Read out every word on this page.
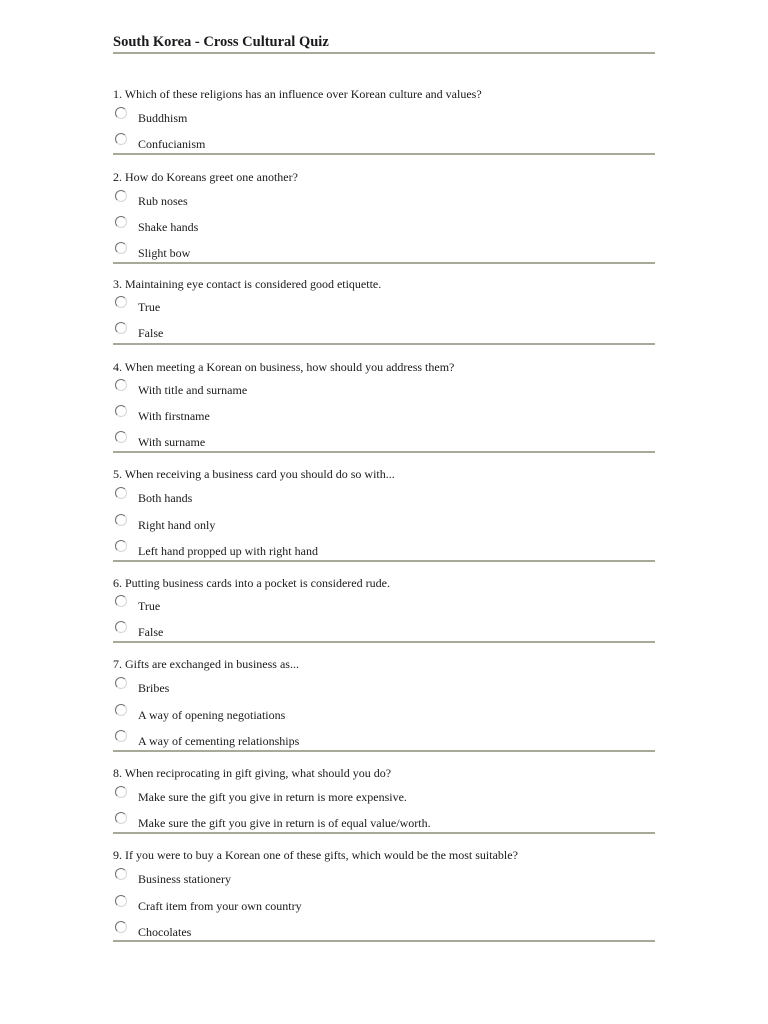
South Korea - Cross Cultural Quiz
1. Which of these religions has an influence over Korean culture and values?
Buddhism
Confucianism
2. How do Koreans greet one another?
Rub noses
Shake hands
Slight bow
3. Maintaining eye contact is considered good etiquette.
True
False
4. When meeting a Korean on business, how should you address them?
With title and surname
With firstname
With surname
5. When receiving a business card you should do so with...
Both hands
Right hand only
Left hand propped up with right hand
6. Putting business cards into a pocket is considered rude.
True
False
7. Gifts are exchanged in business as...
Bribes
A way of opening negotiations
A way of cementing relationships
8. When reciprocating in gift giving, what should you do?
Make sure the gift you give in return is more expensive.
Make sure the gift you give in return is of equal value/worth.
9. If you were to buy a Korean one of these gifts, which would be the most suitable?
Business stationery
Craft item from your own country
Chocolates
